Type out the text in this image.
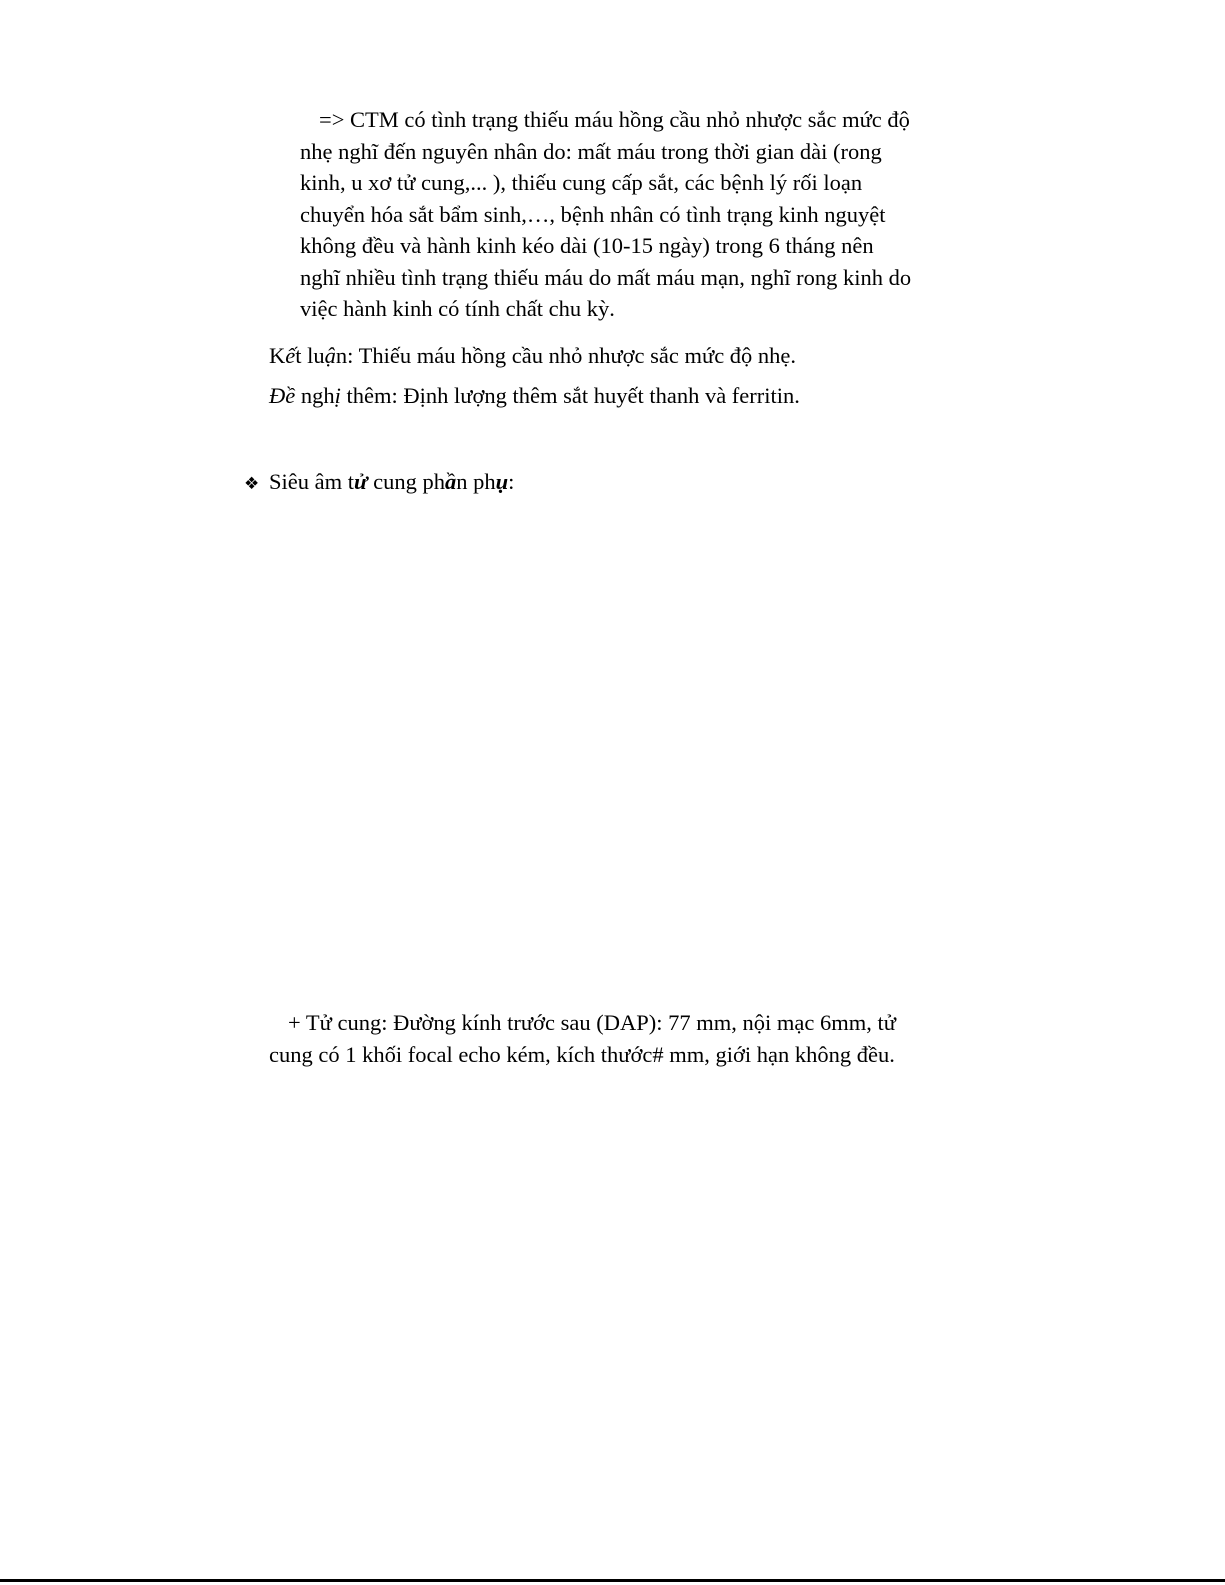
=> CTM có tình trạng thiếu máu hồng cầu nhỏ nhược sắc mức độ
nhẹ nghĩ đến nguyên nhân do: mất máu trong thời gian dài (rong
kinh, u xơ tử cung,... ), thiếu cung cấp sắt, các bệnh lý rối loạn
chuyển hóa sắt bẩm sinh,…, bệnh nhân có tình trạng kinh nguyệt
không đều và hành kinh kéo dài (10-15 ngày) trong 6 tháng nên
nghĩ nhiều tình trạng thiếu máu do mất máu mạn, nghĩ rong kinh do
việc hành kinh có tính chất chu kỳ.
Kết luận: Thiếu máu hồng cầu nhỏ nhược sắc mức độ nhẹ.
Đề nghị thêm: Định lượng thêm sắt huyết thanh và ferritin.
❖ Siêu âm tử cung phần phụ:
+ Tử cung: Đường kính trước sau (DAP): 77 mm, nội mạc 6mm, tử
cung có 1 khối focal echo kém, kích thước# mm, giới hạn không đều.
